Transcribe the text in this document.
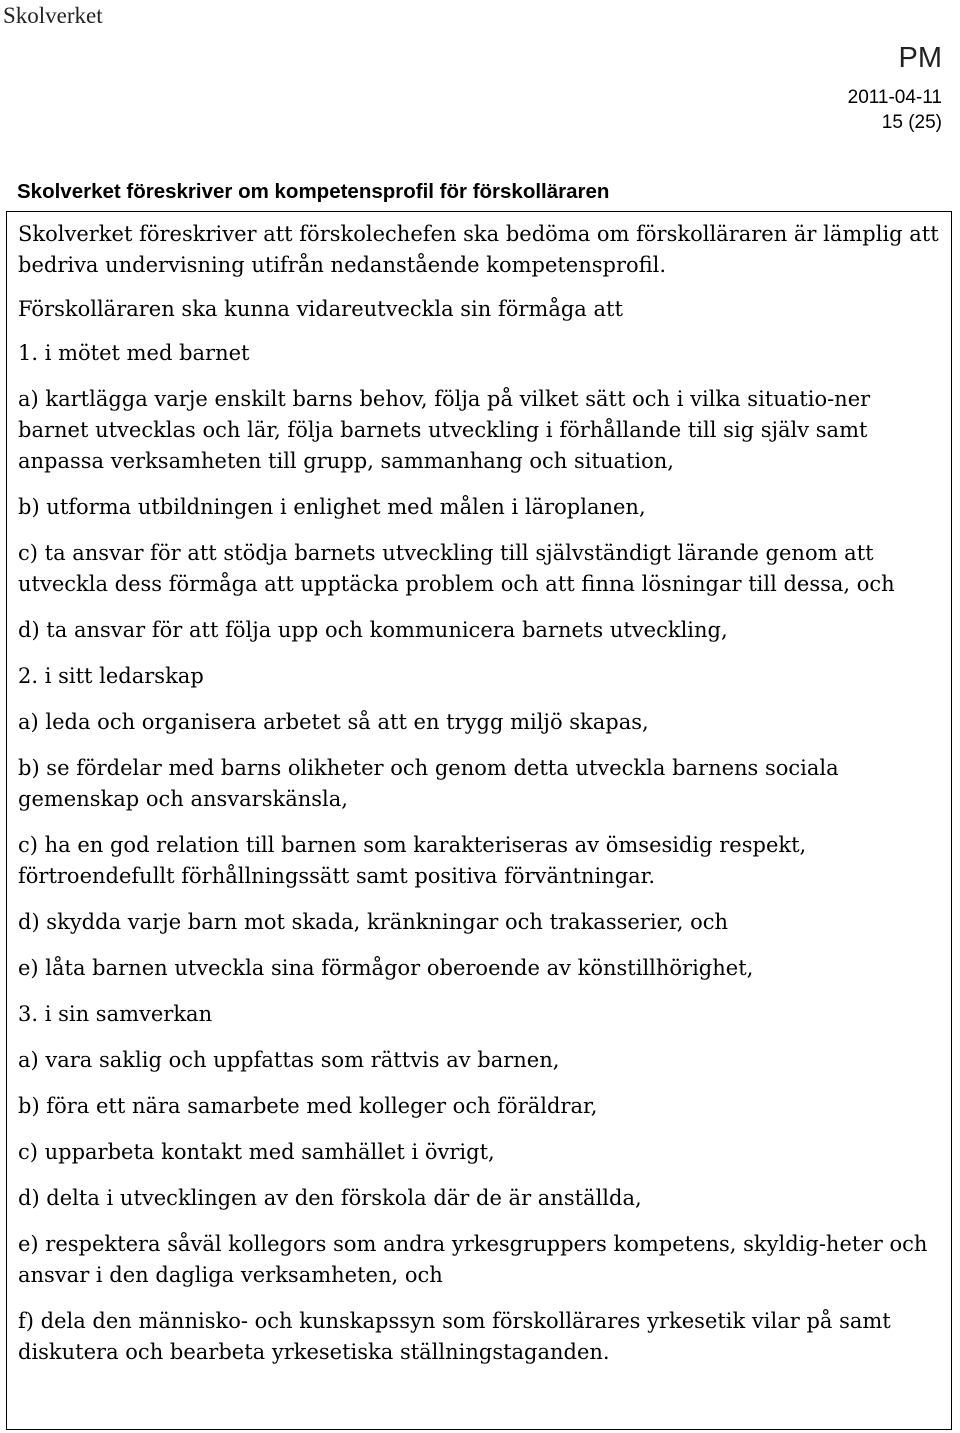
Skolverket
PM
2011-04-11
15 (25)
Skolverket föreskriver om kompetensprofil för förskolläraren

Skolverket föreskriver att förskolechefen ska bedöma om förskolläraren är lämplig att bedriva undervisning utifrån nedanstående kompetensprofil.

Förskolläraren ska kunna vidareutveckla sin förmåga att

1. i mötet med barnet

a) kartlägga varje enskilt barns behov, följa på vilket sätt och i vilka situatio-ner barnet utvecklas och lär, följa barnets utveckling i förhållande till sig själv samt anpassa verksamheten till grupp, sammanhang och situation,

b) utforma utbildningen i enlighet med målen i läroplanen,

c) ta ansvar för att stödja barnets utveckling till självständigt lärande genom att utveckla dess förmåga att upptäcka problem och att finna lösningar till dessa, och

d) ta ansvar för att följa upp och kommunicera barnets utveckling,

2. i sitt ledarskap

a) leda och organisera arbetet så att en trygg miljö skapas,

b) se fördelar med barns olikheter och genom detta utveckla barnens sociala gemenskap och ansvarskänsla,

c) ha en god relation till barnen som karakteriseras av ömsesidig respekt, förtroendefullt förhållningssätt samt positiva förväntningar.

d) skydda varje barn mot skada, kränkningar och trakasserier, och

e) låta barnen utveckla sina förmågor oberoende av könstillhörighet,

3. i sin samverkan

a) vara saklig och uppfattas som rättvis av barnen,

b) föra ett nära samarbete med kolleger och föräldrar,

c) upparbeta kontakt med samhället i övrigt,

d) delta i utvecklingen av den förskola där de är anställda,

e) respektera såväl kollegors som andra yrkesgruppers kompetens, skyldig-heter och ansvar i den dagliga verksamheten, och

f) dela den människo- och kunskapssyn som förskollärares yrkesetik vilar på samt diskutera och bearbeta yrkesetiska ställningstaganden.
